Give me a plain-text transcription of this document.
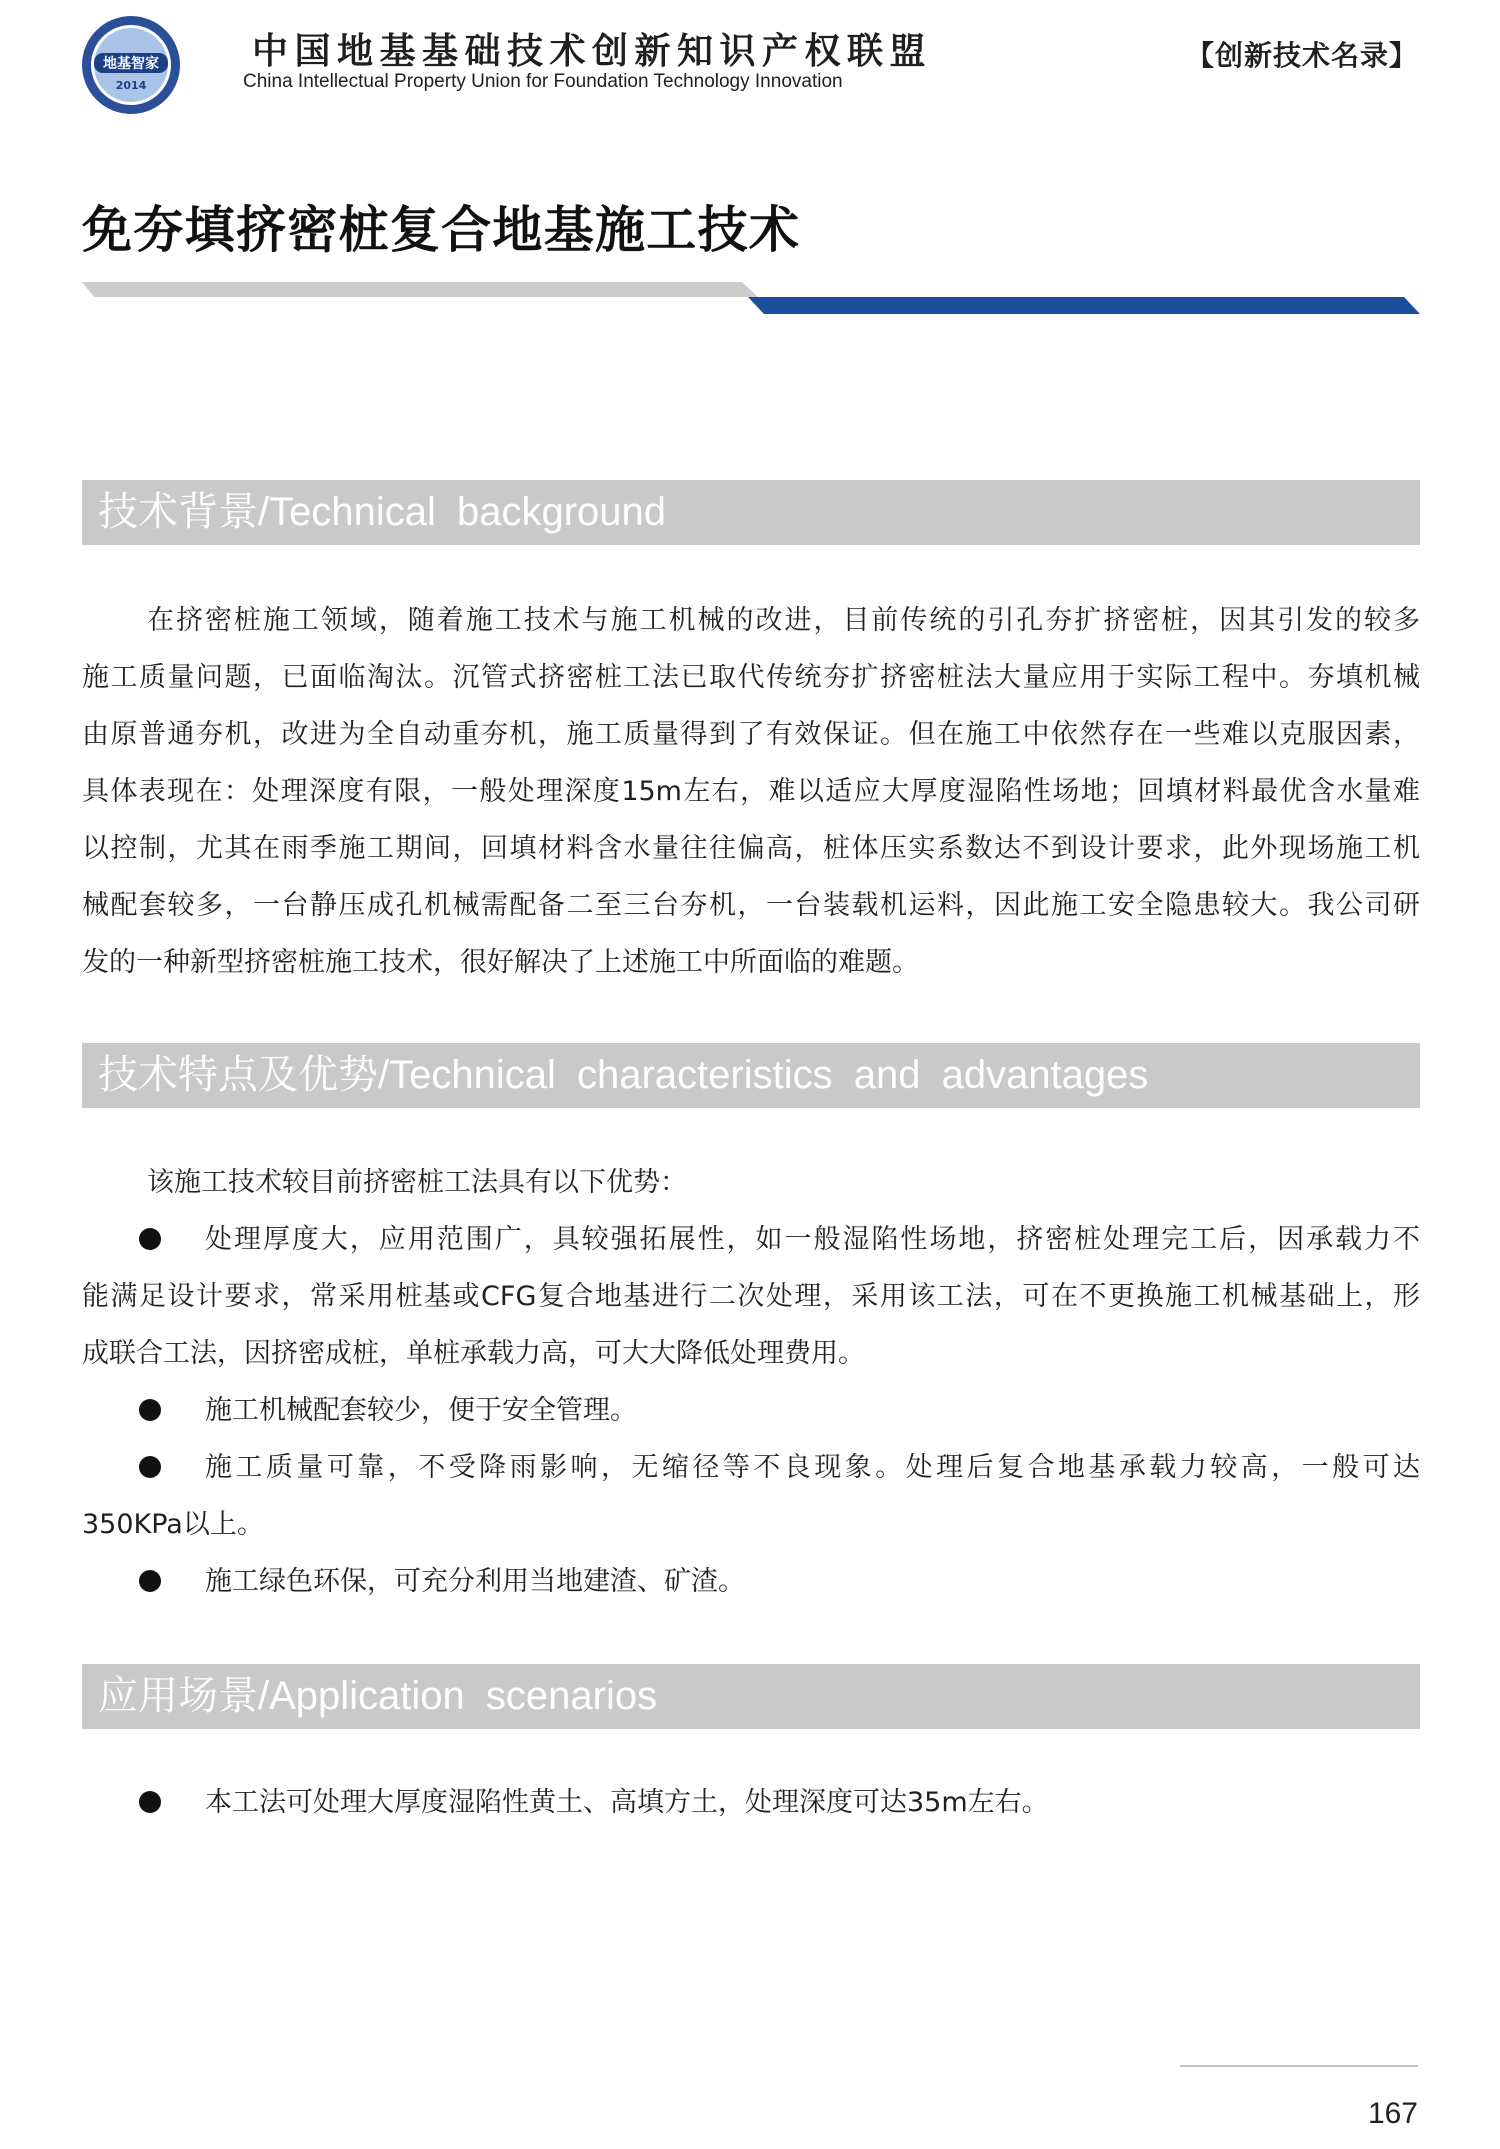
地基智家
2014
中国地基基础技术创新知识产权联盟
China Intellectual Property Union for Foundation Technology Innovation
【创新技术名录】
免夯填挤密桩复合地基施工技术
技术背景/Technical background
在挤密桩施工领域，随着施工技术与施工机械的改进，目前传统的引孔夯扩挤密桩，因其引发的较多
施工质量问题，已面临淘汰。沉管式挤密桩工法已取代传统夯扩挤密桩法大量应用于实际工程中。夯填机械
由原普通夯机，改进为全自动重夯机，施工质量得到了有效保证。但在施工中依然存在一些难以克服因素，
具体表现在：处理深度有限，一般处理深度15m左右，难以适应大厚度湿陷性场地；回填材料最优含水量难
以控制，尤其在雨季施工期间，回填材料含水量往往偏高，桩体压实系数达不到设计要求，此外现场施工机
械配套较多，一台静压成孔机械需配备二至三台夯机，一台装载机运料，因此施工安全隐患较大。我公司研
发的一种新型挤密桩施工技术，很好解决了上述施工中所面临的难题。
技术特点及优势/Technical characteristics and advantages
该施工技术较目前挤密桩工法具有以下优势：
处理厚度大，应用范围广，具较强拓展性，如一般湿陷性场地，挤密桩处理完工后，因承载力不
能满足设计要求，常采用桩基或CFG复合地基进行二次处理，采用该工法，可在不更换施工机械基础上，形
成联合工法，因挤密成桩，单桩承载力高，可大大降低处理费用。
施工机械配套较少，便于安全管理。
施工质量可靠，不受降雨影响，无缩径等不良现象。处理后复合地基承载力较高，一般可达
350KPa以上。
施工绿色环保，可充分利用当地建渣、矿渣。
应用场景/Application scenarios
本工法可处理大厚度湿陷性黄土、高填方土，处理深度可达35m左右。
167
